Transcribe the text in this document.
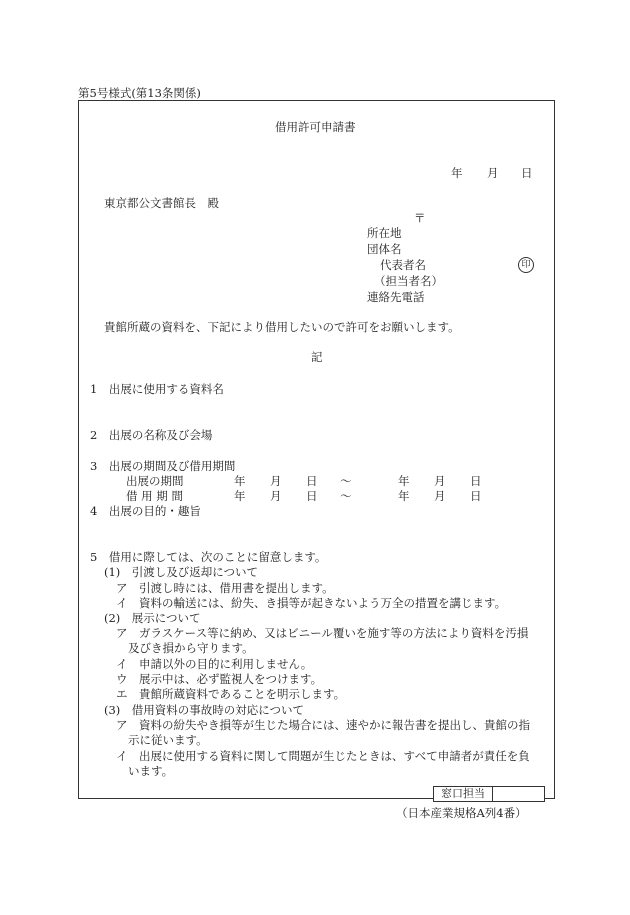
第5号様式(第13条関係)
借用許可申請書
年 月 日
東京都公文書館長　殿
〒
所在地
団体名
代表者名	印
（担当者名）
連絡先電話
貴館所蔵の資料を、下記により借用したいので許可をお願いします。
記
1　出展に使用する資料名
2　出展の名称及び会場
3　出展の期間及び借用期間
出展の期間	年 月 日 ～	年 月 日
借 用 期 間	年 月 日 ～	年 月 日
4　出展の目的・趣旨
5　借用に際しては、次のことに留意します。
(1)　引渡し及び返却について
ア　引渡し時には、借用書を提出します。
イ　資料の輸送には、紛失、き損等が起きないよう万全の措置を講じます。
(2)　展示について
ア　ガラスケース等に納め、又はビニール覆いを施す等の方法により資料を汚損
及びき損から守ります。
イ　申請以外の目的に利用しません。
ウ　展示中は、必ず監視人をつけます。
エ　貴館所蔵資料であることを明示します。
(3)　借用資料の事故時の対応について
ア　資料の紛失やき損等が生じた場合には、速やかに報告書を提出し、貴館の指
示に従います。
イ　出展に使用する資料に関して問題が生じたときは、すべて申請者が責任を負
います。
窓口担当
（日本産業規格A列4番）
